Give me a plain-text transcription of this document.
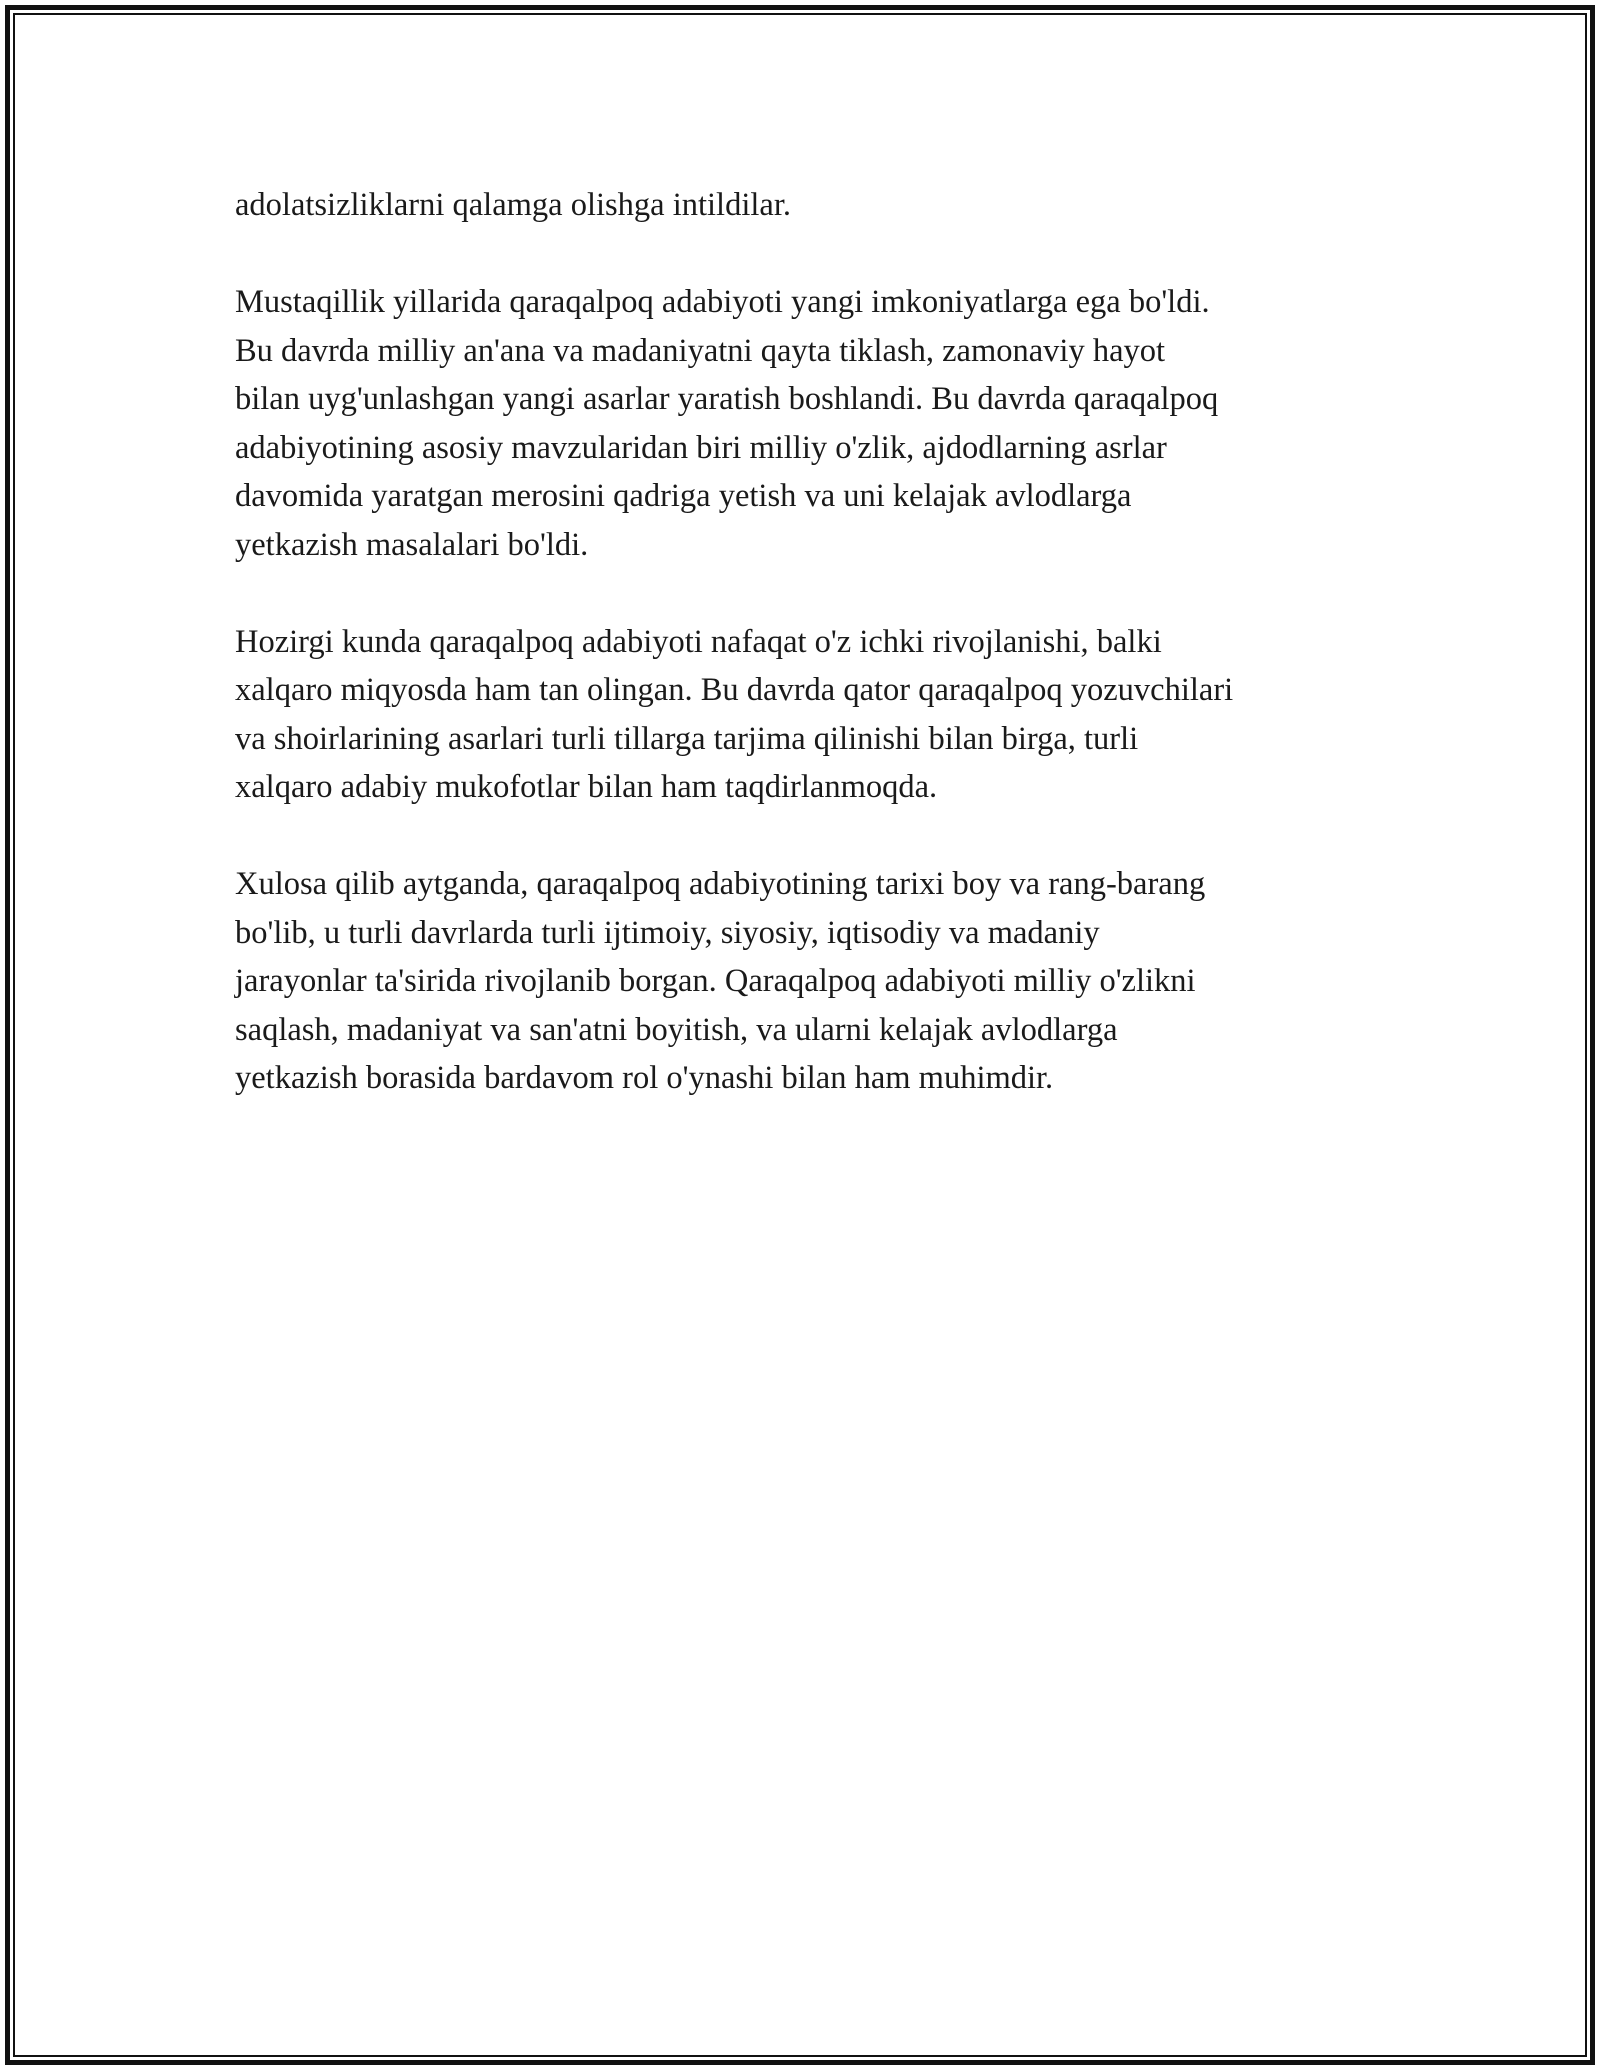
adolatsizliklarni qalamga olishga intildilar.

Mustaqillik yillarida qaraqalpoq adabiyoti yangi imkoniyatlarga ega bo'ldi.
Bu davrda milliy an'ana va madaniyatni qayta tiklash, zamonaviy hayot
bilan uyg'unlashgan yangi asarlar yaratish boshlandi. Bu davrda qaraqalpoq
adabiyotining asosiy mavzularidan biri milliy o'zlik, ajdodlarning asrlar
davomida yaratgan merosini qadriga yetish va uni kelajak avlodlarga
yetkazish masalalari bo'ldi.

Hozirgi kunda qaraqalpoq adabiyoti nafaqat o'z ichki rivojlanishi, balki
xalqaro miqyosda ham tan olingan. Bu davrda qator qaraqalpoq yozuvchilari
va shoirlarining asarlari turli tillarga tarjima qilinishi bilan birga, turli
xalqaro adabiy mukofotlar bilan ham taqdirlanmoqda.

Xulosa qilib aytganda, qaraqalpoq adabiyotining tarixi boy va rang-barang
bo'lib, u turli davrlarda turli ijtimoiy, siyosiy, iqtisodiy va madaniy
jarayonlar ta'sirida rivojlanib borgan. Qaraqalpoq adabiyoti milliy o'zlikni
saqlash, madaniyat va san'atni boyitish, va ularni kelajak avlodlarga
yetkazish borasida bardavom rol o'ynashi bilan ham muhimdir.
